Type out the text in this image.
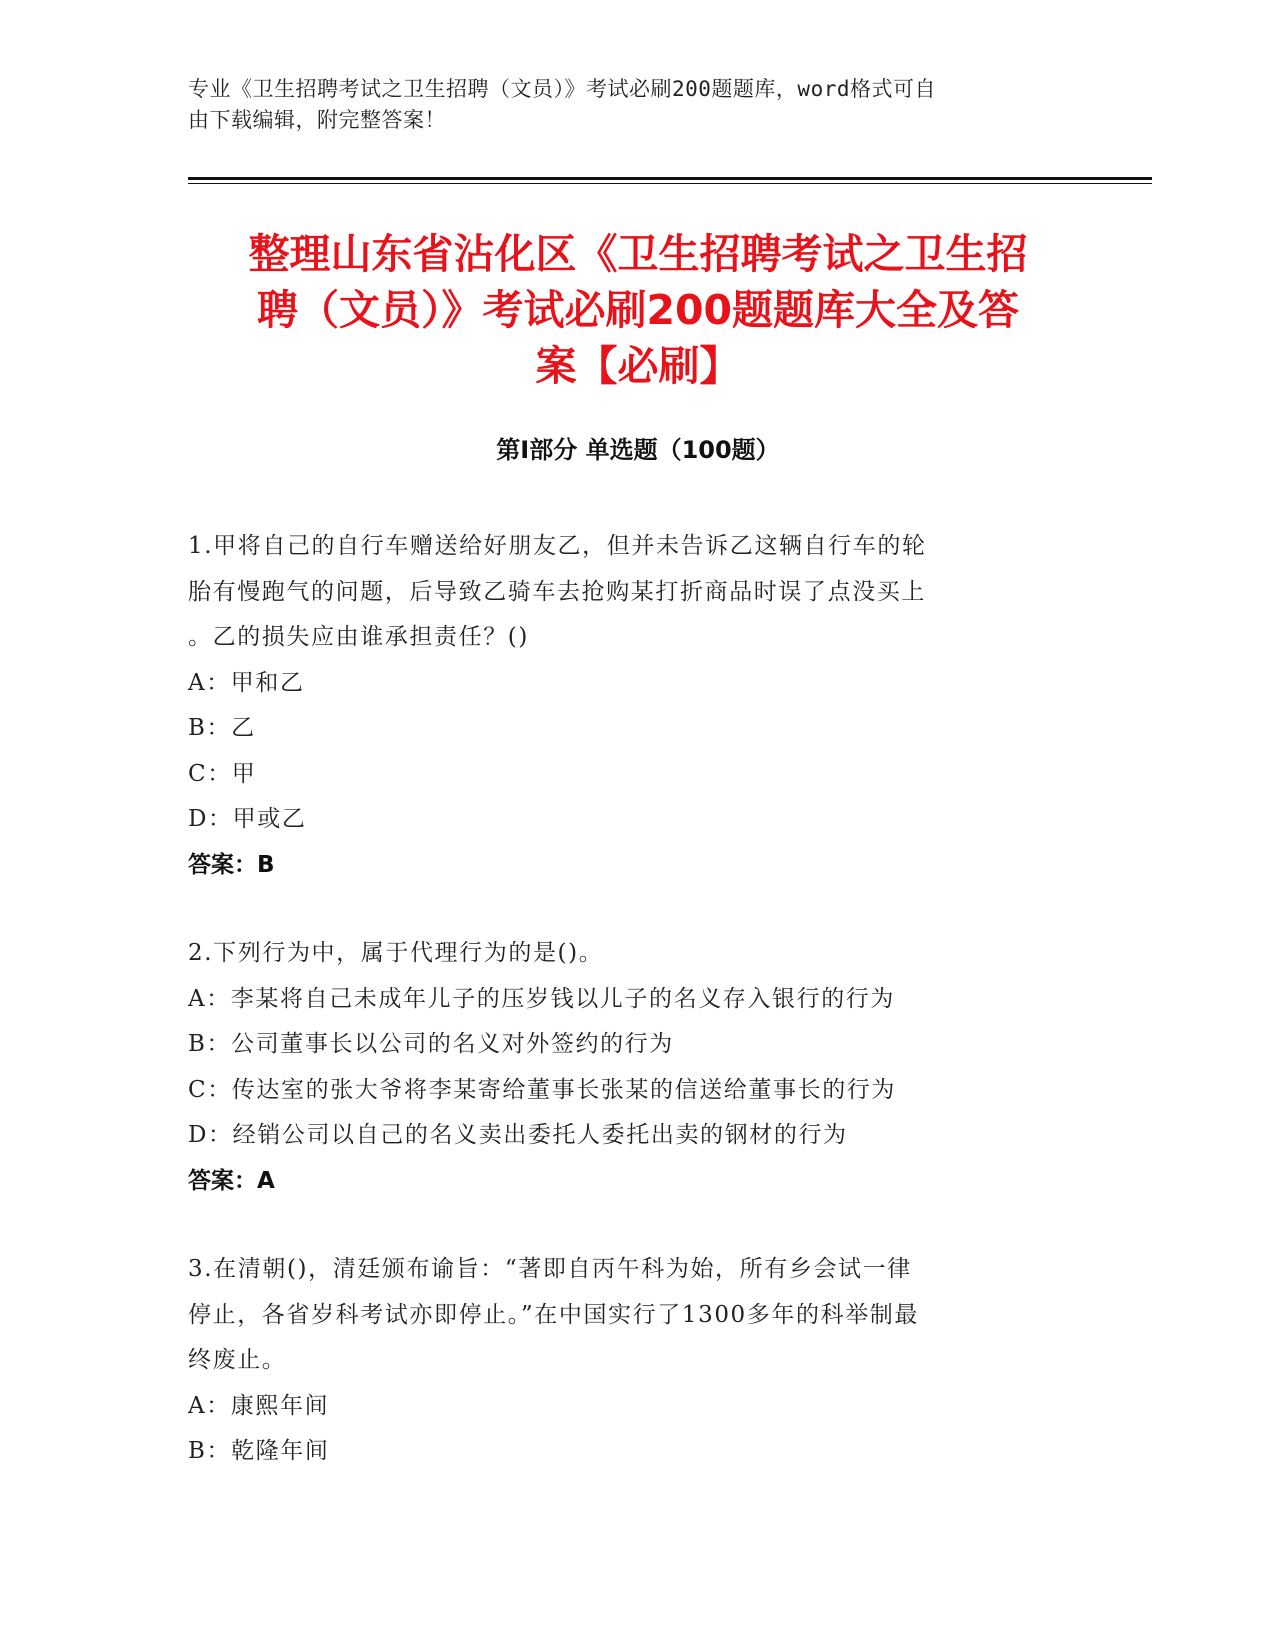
专业《卫生招聘考试之卫生招聘（文员）》考试必刷200题题库，word格式可自
由下载编辑，附完整答案！
整理山东省沾化区《卫生招聘考试之卫生招
聘（文员）》考试必刷200题题库大全及答
案【必刷】
第Ⅰ部分 单选题（100题）

1.甲将自己的自行车赠送给好朋友乙，但并未告诉乙这辆自行车的轮

胎有慢跑气的问题，后导致乙骑车去抢购某打折商品时误了点没买上

。乙的损失应由谁承担责任？()

A：甲和乙

B：乙

C：甲

D：甲或乙

答案：B

2.下列行为中，属于代理行为的是()。

A：李某将自己未成年儿子的压岁钱以儿子的名义存入银行的行为

B：公司董事长以公司的名义对外签约的行为

C：传达室的张大爷将李某寄给董事长张某的信送给董事长的行为

D：经销公司以自己的名义卖出委托人委托出卖的钢材的行为

答案：A

3.在清朝()，清廷颁布谕旨：“著即自丙午科为始，所有乡会试一律

停止，各省岁科考试亦即停止。”在中国实行了1300多年的科举制最

终废止。

A：康熙年间

B：乾隆年间
